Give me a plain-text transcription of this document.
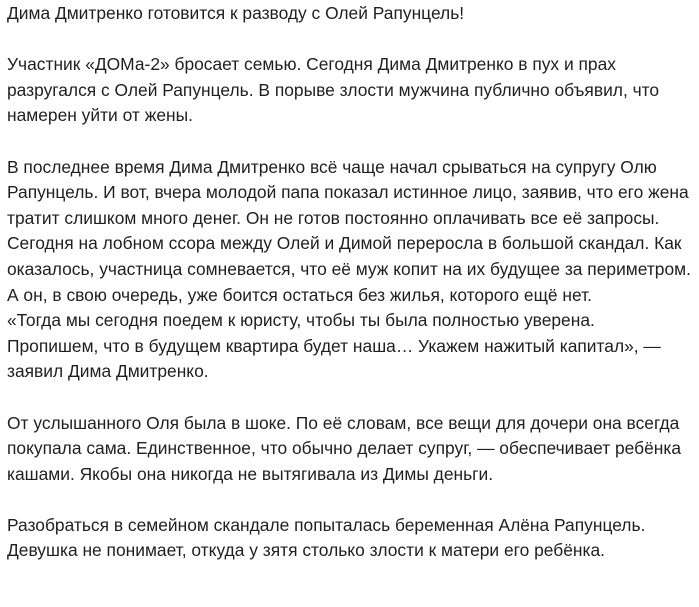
Дима Дмитренко готовится к разводу с Олей Рапунцель!

Участник «ДОМа-2» бросает семью. Сегодня Дима Дмитренко в пух и прах разругался с Олей Рапунцель. В порыве злости мужчина публично объявил, что намерен уйти от жены.

В последнее время Дима Дмитренко всё чаще начал срываться на супругу Олю Рапунцель. И вот, вчера молодой папа показал истинное лицо, заявив, что его жена тратит слишком много денег. Он не готов постоянно оплачивать все её запросы.

Сегодня на лобном ссора между Олей и Димой переросла в большой скандал. Как оказалось, участница сомневается, что её муж копит на их будущее за периметром. А он, в свою очередь, уже боится остаться без жилья, которого ещё нет.

«Тогда мы сегодня поедем к юристу, чтобы ты была полностью уверена. Пропишем, что в будущем квартира будет наша… Укажем нажитый капитал», — заявил Дима Дмитренко.

От услышанного Оля была в шоке. По её словам, все вещи для дочери она всегда покупала сама. Единственное, что обычно делает супруг, — обеспечивает ребёнка кашами. Якобы она никогда не вытягивала из Димы деньги.

Разобраться в семейном скандале попыталась беременная Алёна Рапунцель. Девушка не понимает, откуда у зятя столько злости к матери его ребёнка.
